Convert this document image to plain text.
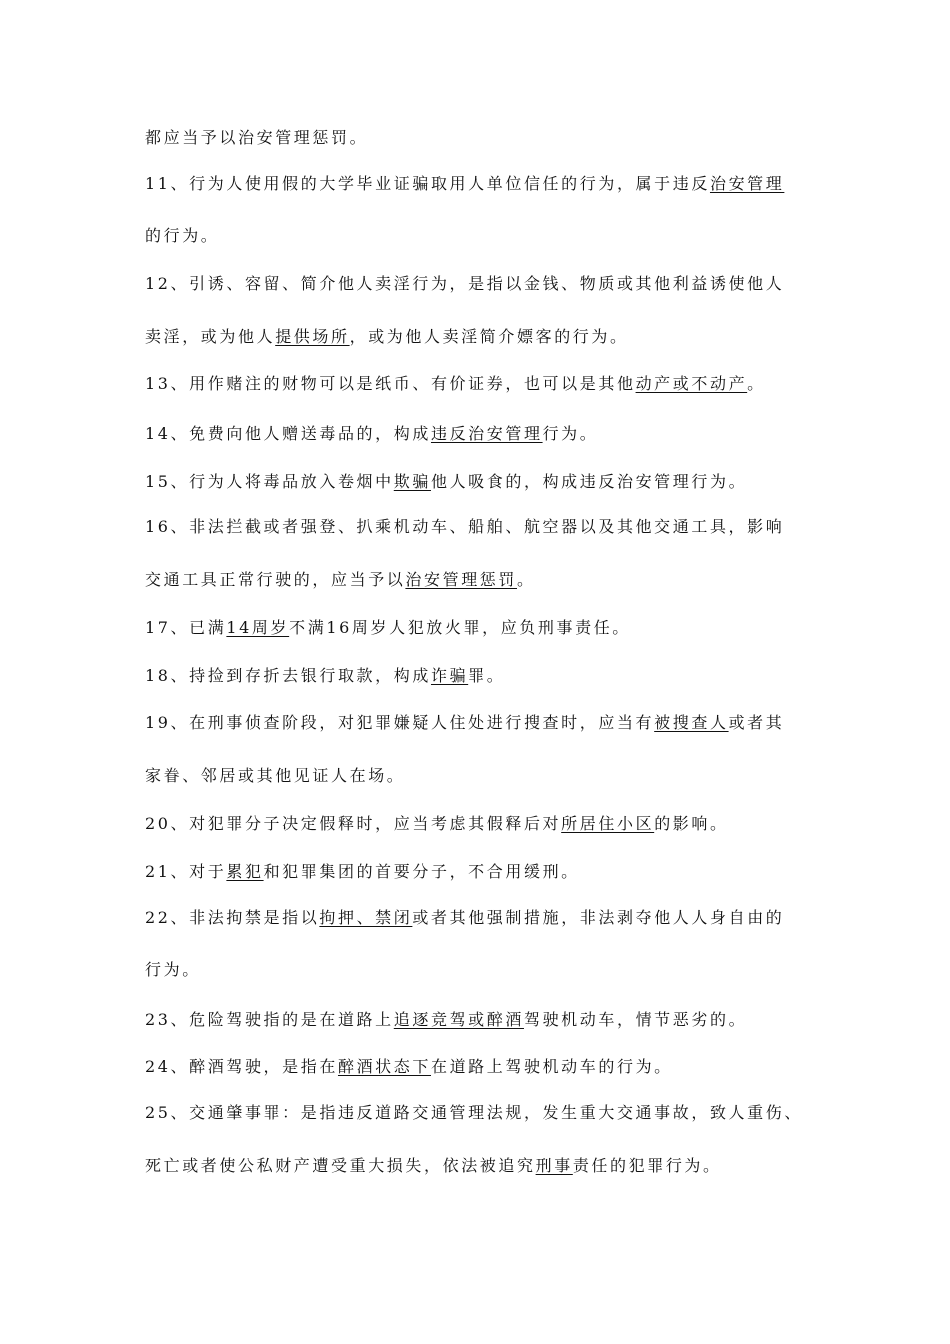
都应当予以治安管理惩罚。
11、行为人使用假的大学毕业证骗取用人单位信任的行为，属于违反治安管理
的行为。
12、引诱、容留、简介他人卖淫行为，是指以金钱、物质或其他利益诱使他人
卖淫，或为他人提供场所，或为他人卖淫简介嫖客的行为。
13、用作赌注的财物可以是纸币、有价证券，也可以是其他动产或不动产。
14、免费向他人赠送毒品的，构成违反治安管理行为。
15、行为人将毒品放入卷烟中欺骗他人吸食的，构成违反治安管理行为。
16、非法拦截或者强登、扒乘机动车、船舶、航空器以及其他交通工具，影响
交通工具正常行驶的，应当予以治安管理惩罚。
17、已满14周岁不满16周岁人犯放火罪，应负刑事责任。
18、持捡到存折去银行取款，构成诈骗罪。
19、在刑事侦查阶段，对犯罪嫌疑人住处进行搜查时，应当有被搜查人或者其
家眷、邻居或其他见证人在场。
20、对犯罪分子决定假释时，应当考虑其假释后对所居住小区的影响。
21、对于累犯和犯罪集团的首要分子，不合用缓刑。
22、非法拘禁是指以拘押、禁闭或者其他强制措施，非法剥夺他人人身自由的
行为。
23、危险驾驶指的是在道路上追逐竞驾或醉酒驾驶机动车，情节恶劣的。
24、醉酒驾驶，是指在醉酒状态下在道路上驾驶机动车的行为。
25、交通肇事罪：是指违反道路交通管理法规，发生重大交通事故，致人重伤、
死亡或者使公私财产遭受重大损失，依法被追究刑事责任的犯罪行为。
